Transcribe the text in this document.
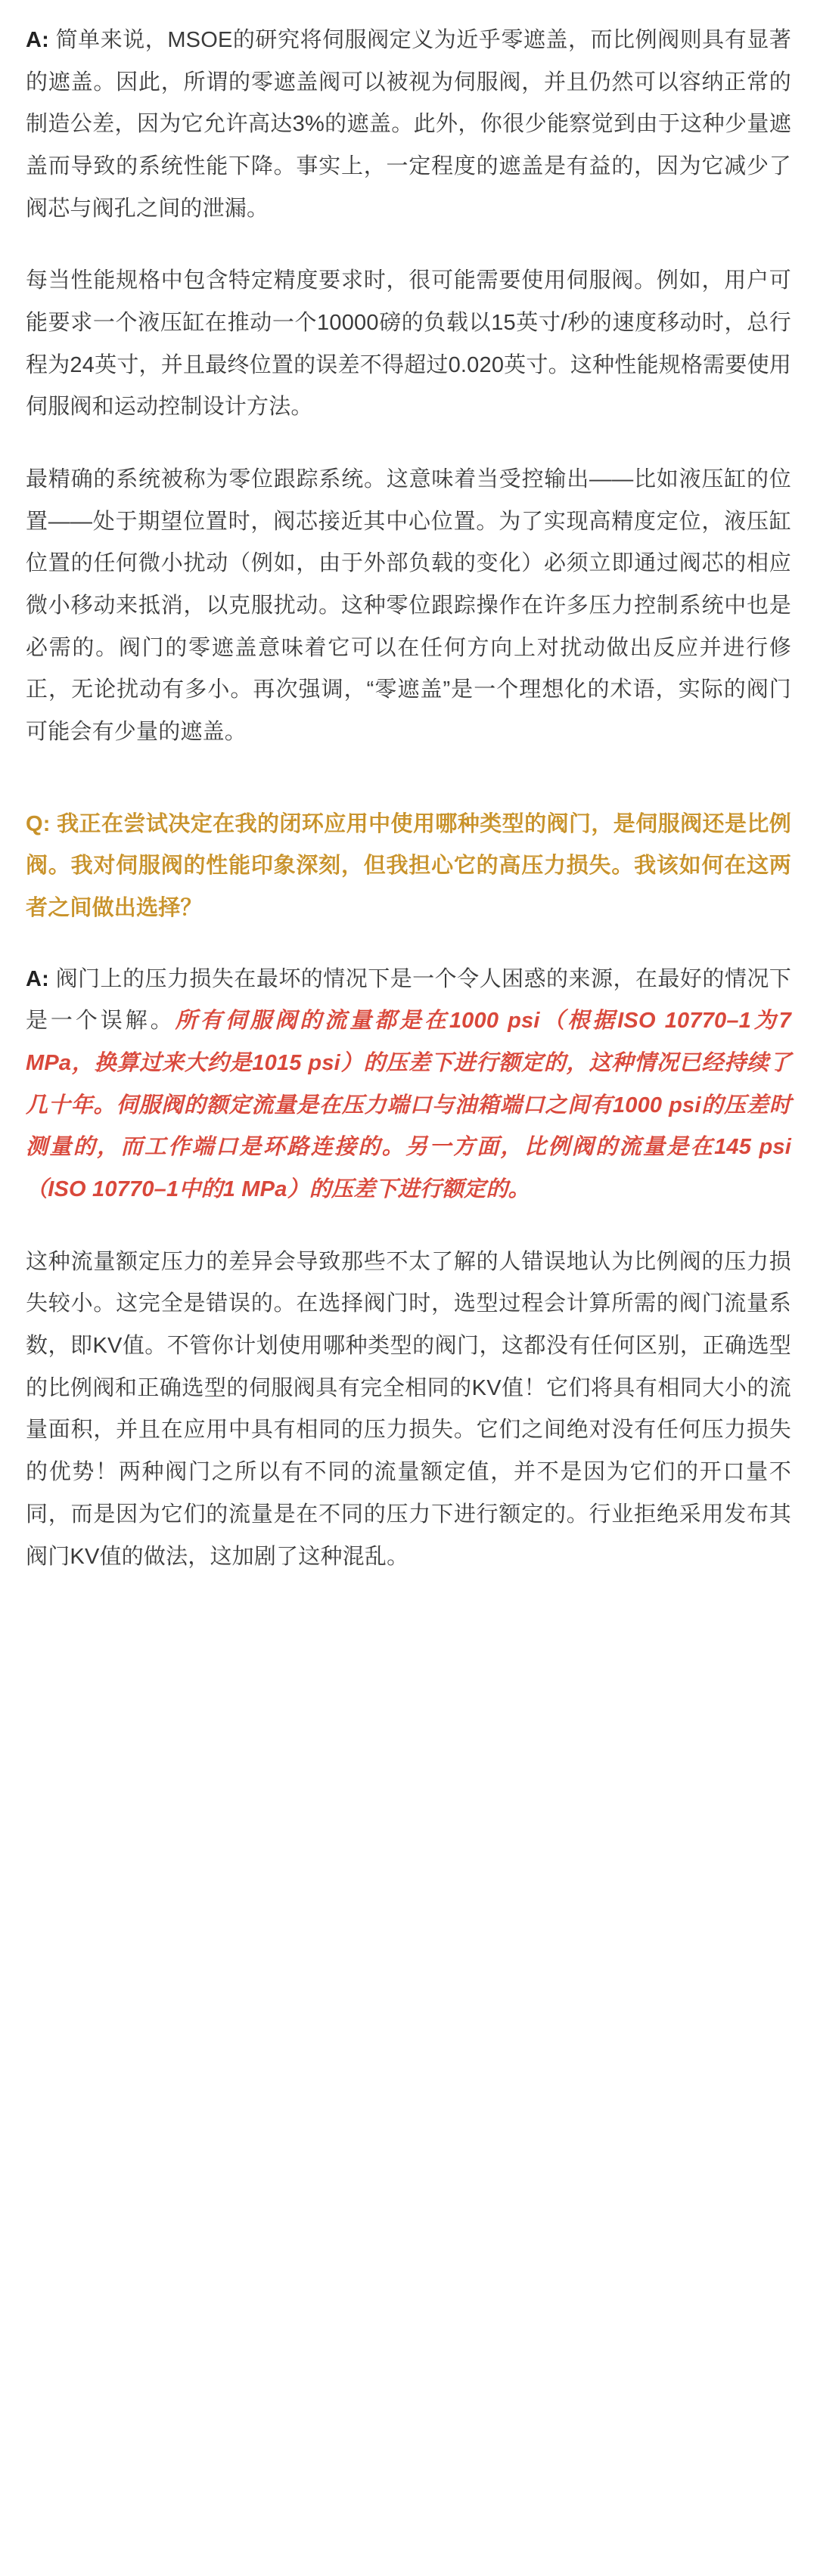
A: 简单来说，MSOE的研究将伺服阀定义为近乎零遮盖，而比例阀则具有显著的遮盖。因此，所谓的零遮盖阀可以被视为伺服阀，并且仍然可以容纳正常的制造公差，因为它允许高达3%的遮盖。此外，你很少能察觉到由于这种少量遮盖而导致的系统性能下降。事实上，一定程度的遮盖是有益的，因为它减少了阀芯与阀孔之间的泄漏。

每当性能规格中包含特定精度要求时，很可能需要使用伺服阀。例如，用户可能要求一个液压缸在推动一个10000磅的负载以15英寸/秒的速度移动时，总行程为24英寸，并且最终位置的误差不得超过0.020英寸。这种性能规格需要使用伺服阀和运动控制设计方法。

最精确的系统被称为零位跟踪系统。这意味着当受控输出——比如液压缸的位置——处于期望位置时，阀芯接近其中心位置。为了实现高精度定位，液压缸位置的任何微小扰动（例如，由于外部负载的变化）必须立即通过阀芯的相应微小移动来抵消，以克服扰动。这种零位跟踪操作在许多压力控制系统中也是必需的。阀门的零遮盖意味着它可以在任何方向上对扰动做出反应并进行修正，无论扰动有多小。再次强调，“零遮盖”是一个理想化的术语，实际的阀门可能会有少量的遮盖。

Q: 我正在尝试决定在我的闭环应用中使用哪种类型的阀门，是伺服阀还是比例阀。我对伺服阀的性能印象深刻，但我担心它的高压力损失。我该如何在这两者之间做出选择？

A: 阀门上的压力损失在最坏的情况下是一个令人困惑的来源，在最好的情况下是一个误解。所有伺服阀的流量都是在1000 psi（根据ISO 10770–1为7 MPa，换算过来大约是1015 psi）的压差下进行额定的，这种情况已经持续了几十年。伺服阀的额定流量是在压力端口与油箱端口之间有1000 psi的压差时测量的，而工作端口是环路连接的。另一方面，比例阀的流量是在145 psi（ISO 10770–1中的1 MPa）的压差下进行额定的。

这种流量额定压力的差异会导致那些不太了解的人错误地认为比例阀的压力损失较小。这完全是错误的。在选择阀门时，选型过程会计算所需的阀门流量系数，即KV值。不管你计划使用哪种类型的阀门，这都没有任何区别，正确选型的比例阀和正确选型的伺服阀具有完全相同的KV值！它们将具有相同大小的流量面积，并且在应用中具有相同的压力损失。它们之间绝对没有任何压力损失的优势！两种阀门之所以有不同的流量额定值，并不是因为它们的开口量不同，而是因为它们的流量是在不同的压力下进行额定的。行业拒绝采用发布其阀门KV值的做法，这加剧了这种混乱。
